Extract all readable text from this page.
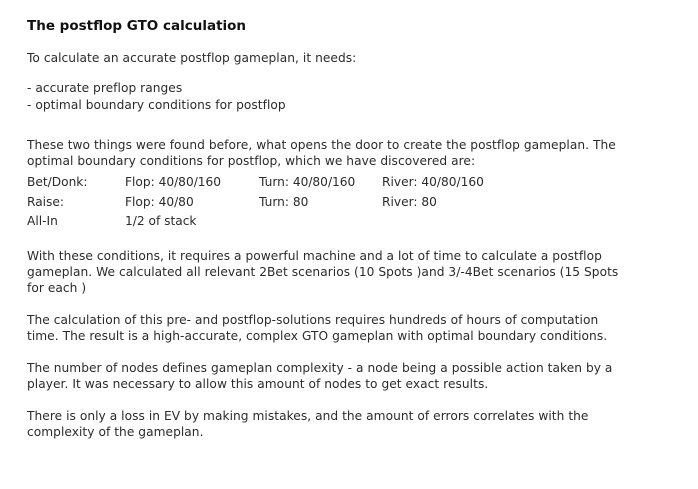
The postflop GTO calculation

To calculate an accurate postflop gameplan, it needs:

- accurate preflop ranges
- optimal boundary conditions for postflop
These two things were found before, what opens the door to create the postflop gameplan. The
optimal boundary conditions for postflop, which we have discovered are:
Bet/Donk:	Flop: 40/80/160	Turn: 40/80/160	River: 40/80/160
Raise:	Flop: 40/80	Turn: 80	River: 80
All-In	1/2 of stack
With these conditions, it requires a powerful machine and a lot of time to calculate a postflop
gameplan. We calculated all relevant 2Bet scenarios (10 Spots )and 3/-4Bet scenarios (15 Spots
for each )
The calculation of this pre- and postflop-solutions requires hundreds of hours of computation
time. The result is a high-accurate, complex GTO gameplan with optimal boundary conditions.
The number of nodes defines gameplan complexity - a node being a possible action taken by a
player. It was necessary to allow this amount of nodes to get exact results.
There is only a loss in EV by making mistakes, and the amount of errors correlates with the
complexity of the gameplan.
